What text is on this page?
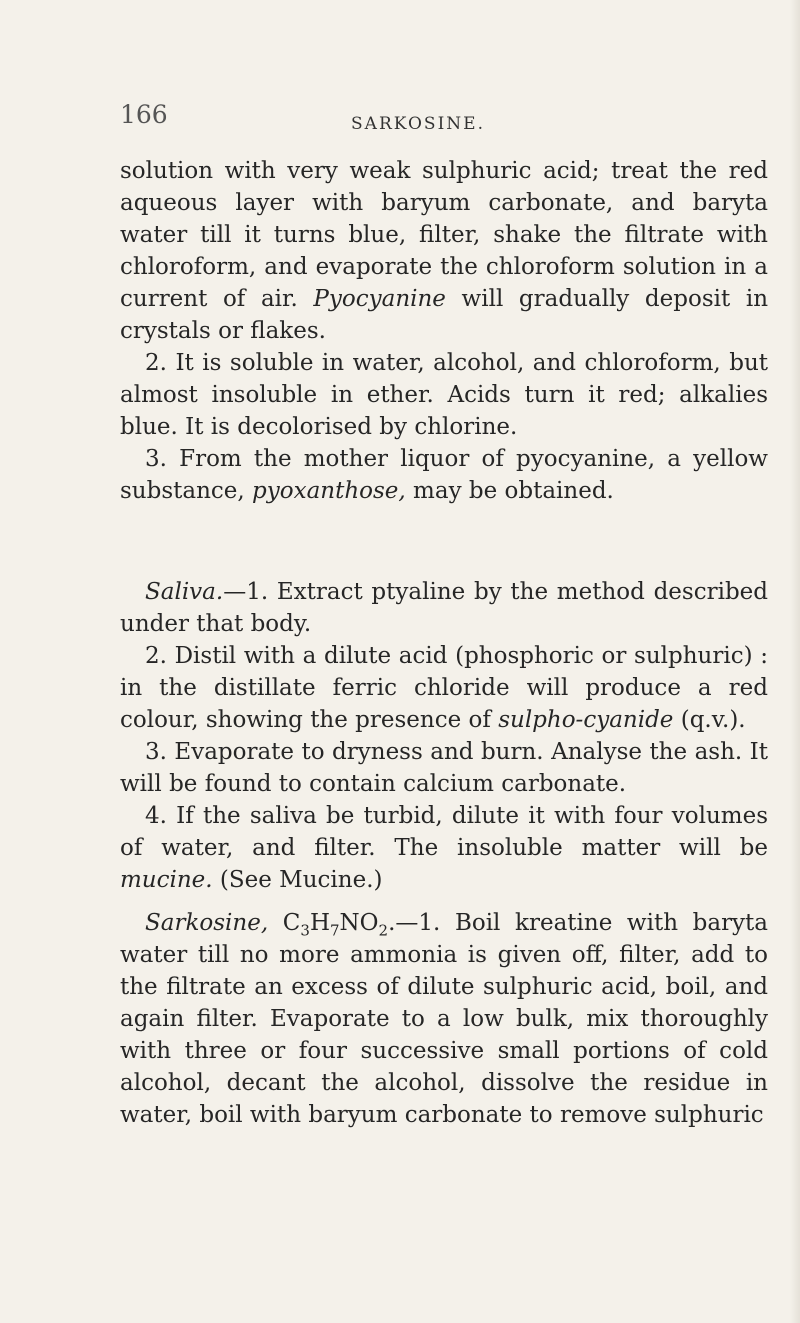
166	SARKOSINE.

solution with very weak sulphuric acid; treat the red aqueous layer with baryum carbonate, and baryta water till it turns blue, filter, shake the filtrate with chloroform, and evaporate the chloroform solution in a current of air. Pyocyanine will gradually deposit in crystals or flakes.

2. It is soluble in water, alcohol, and chloroform, but almost insoluble in ether. Acids turn it red; alkalies blue. It is decolorised by chlorine.

3. From the mother liquor of pyocyanine, a yellow substance, pyoxanthose, may be obtained.

Saliva.—1. Extract ptyaline by the method described under that body.

2. Distil with a dilute acid (phosphoric or sulphuric) : in the distillate ferric chloride will produce a red colour, showing the presence of sulpho-cyanide (q.v.).

3. Evaporate to dryness and burn. Analyse the ash. It will be found to contain calcium carbonate.

4. If the saliva be turbid, dilute it with four volumes of water, and filter. The insoluble matter will be mucine. (See Mucine.)

Sarkosine, $C_3H_7NO_2.—1$. Boil kreatine with baryta water till no more ammonia is given off, filter, add to the filtrate an excess of dilute sulphuric acid, boil, and again filter. Evaporate to a low bulk, mix thoroughly with three or four successive small portions of cold alcohol, decant the alcohol, dissolve the residue in water, boil with baryum carbonate to remove sulphuric
